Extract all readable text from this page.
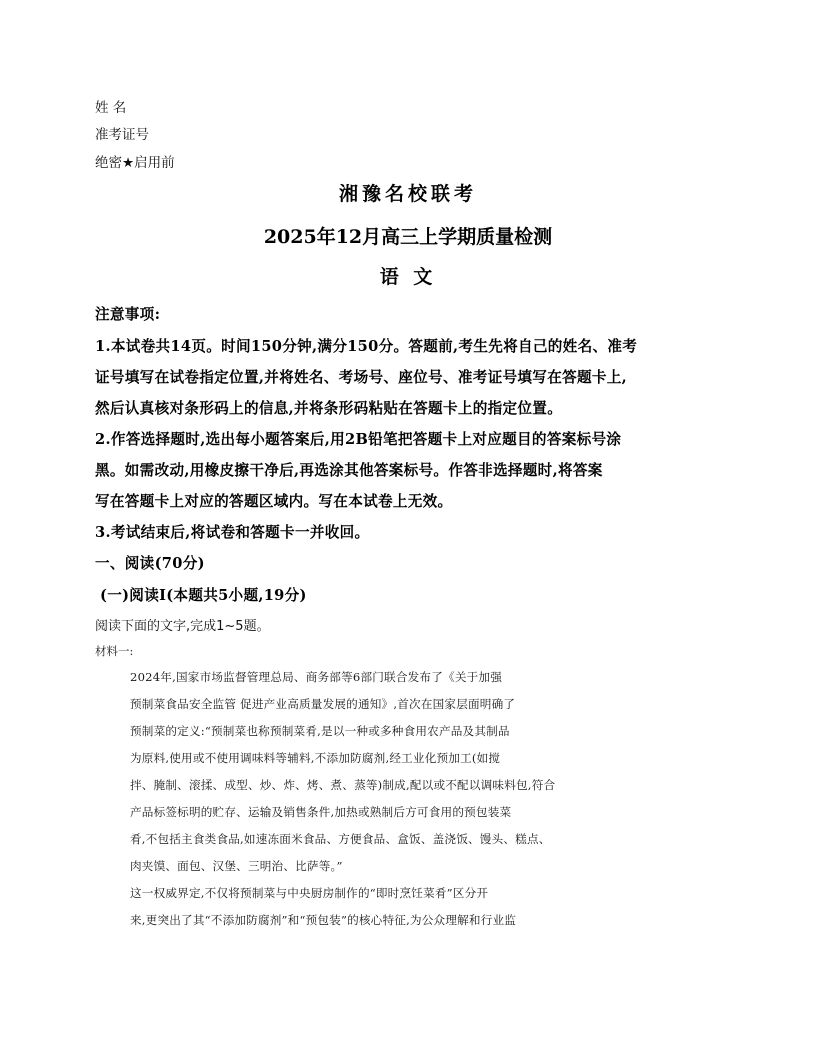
姓 名
准考证号
绝密★启用前
湘豫名校联考
2025年12月高三上学期质量检测
语 文
注意事项:
1.本试卷共14页。时间150分钟,满分150分。答题前,考生先将自己的姓名、准考
证号填写在试卷指定位置,并将姓名、考场号、座位号、准考证号填写在答题卡上,
然后认真核对条形码上的信息,并将条形码粘贴在答题卡上的指定位置。
2.作答选择题时,选出每小题答案后,用2B铅笔把答题卡上对应题目的答案标号涂
黑。如需改动,用橡皮擦干净后,再选涂其他答案标号。作答非选择题时,将答案
写在答题卡上对应的答题区域内。写在本试卷上无效。
3.考试结束后,将试卷和答题卡一并收回。
一、阅读(70分)
(一)阅读Ⅰ(本题共5小题,19分)
阅读下面的文字,完成1~5题。
材料一:
2024年,国家市场监督管理总局、商务部等6部门联合发布了《关于加强
预制菜食品安全监管 促进产业高质量发展的通知》,首次在国家层面明确了
预制菜的定义:“预制菜也称预制菜肴,是以一种或多种食用农产品及其制品
为原料,使用或不使用调味料等辅料,不添加防腐剂,经工业化预加工(如搅
拌、腌制、滚揉、成型、炒、炸、烤、煮、蒸等)制成,配以或不配以调味料包,符合
产品标签标明的贮存、运输及销售条件,加热或熟制后方可食用的预包装菜
肴,不包括主食类食品,如速冻面米食品、方便食品、盒饭、盖浇饭、馒头、糕点、
肉夹馍、面包、汉堡、三明治、比萨等。”
这一权威界定,不仅将预制菜与中央厨房制作的“即时烹饪菜肴”区分开
来,更突出了其“不添加防腐剂”和“预包装”的核心特征,为公众理解和行业监
